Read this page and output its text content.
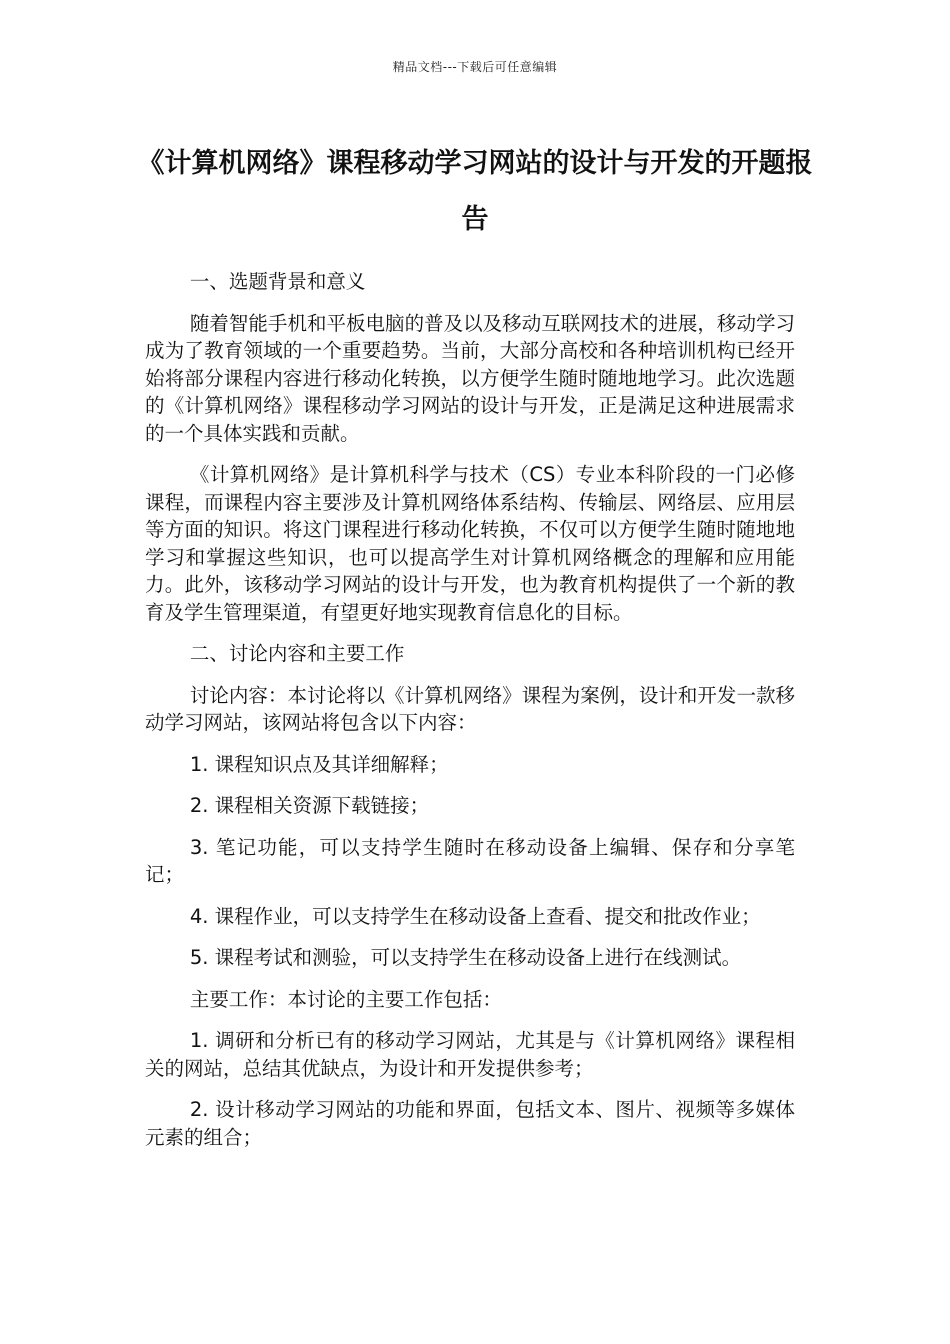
精品文档---下载后可任意编辑
《计算机网络》课程移动学习网站的设计与开发的开题报告

一、选题背景和意义

随着智能手机和平板电脑的普及以及移动互联网技术的进展，移动学习成为了教育领域的一个重要趋势。当前，大部分高校和各种培训机构已经开始将部分课程内容进行移动化转换，以方便学生随时随地地学习。此次选题的《计算机网络》课程移动学习网站的设计与开发，正是满足这种进展需求的一个具体实践和贡献。

《计算机网络》是计算机科学与技术（CS）专业本科阶段的一门必修课程，而课程内容主要涉及计算机网络体系结构、传输层、网络层、应用层等方面的知识。将这门课程进行移动化转换，不仅可以方便学生随时随地地学习和掌握这些知识，也可以提高学生对计算机网络概念的理解和应用能力。此外，该移动学习网站的设计与开发，也为教育机构提供了一个新的教育及学生管理渠道，有望更好地实现教育信息化的目标。

二、讨论内容和主要工作

讨论内容：本讨论将以《计算机网络》课程为案例，设计和开发一款移动学习网站，该网站将包含以下内容：

1. 课程知识点及其详细解释；

2. 课程相关资源下载链接；

3. 笔记功能，可以支持学生随时在移动设备上编辑、保存和分享笔记；

4. 课程作业，可以支持学生在移动设备上查看、提交和批改作业；

5. 课程考试和测验，可以支持学生在移动设备上进行在线测试。

主要工作：本讨论的主要工作包括：

1. 调研和分析已有的移动学习网站，尤其是与《计算机网络》课程相关的网站，总结其优缺点，为设计和开发提供参考；

2. 设计移动学习网站的功能和界面，包括文本、图片、视频等多媒体元素的组合；
